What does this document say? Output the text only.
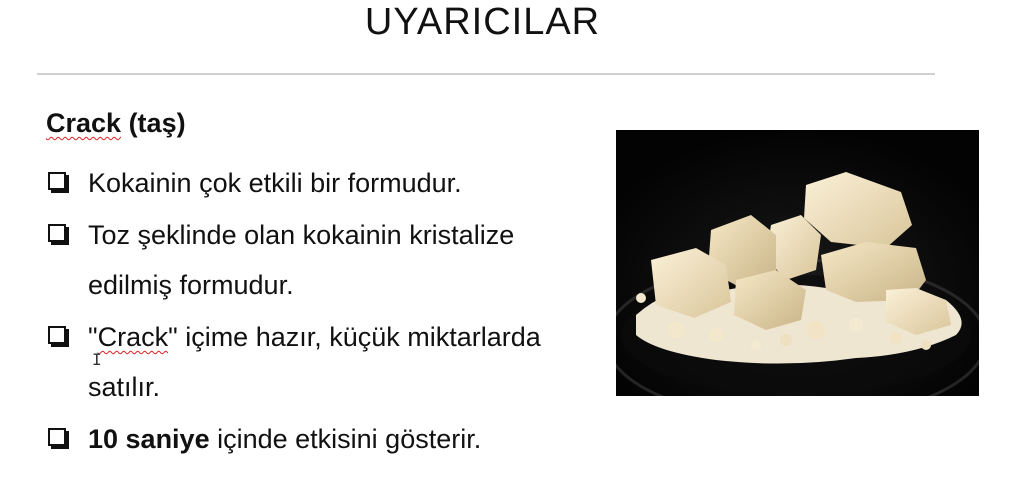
UYARICILAR
Crack (taş)
Kokainin çok etkili bir formudur.
Toz şeklinde olan kokainin kristalize edilmiş formudur.
"Crack" içime hazır, küçük miktarlarda satılır.
10 saniye içinde etkisini gösterir.
I
